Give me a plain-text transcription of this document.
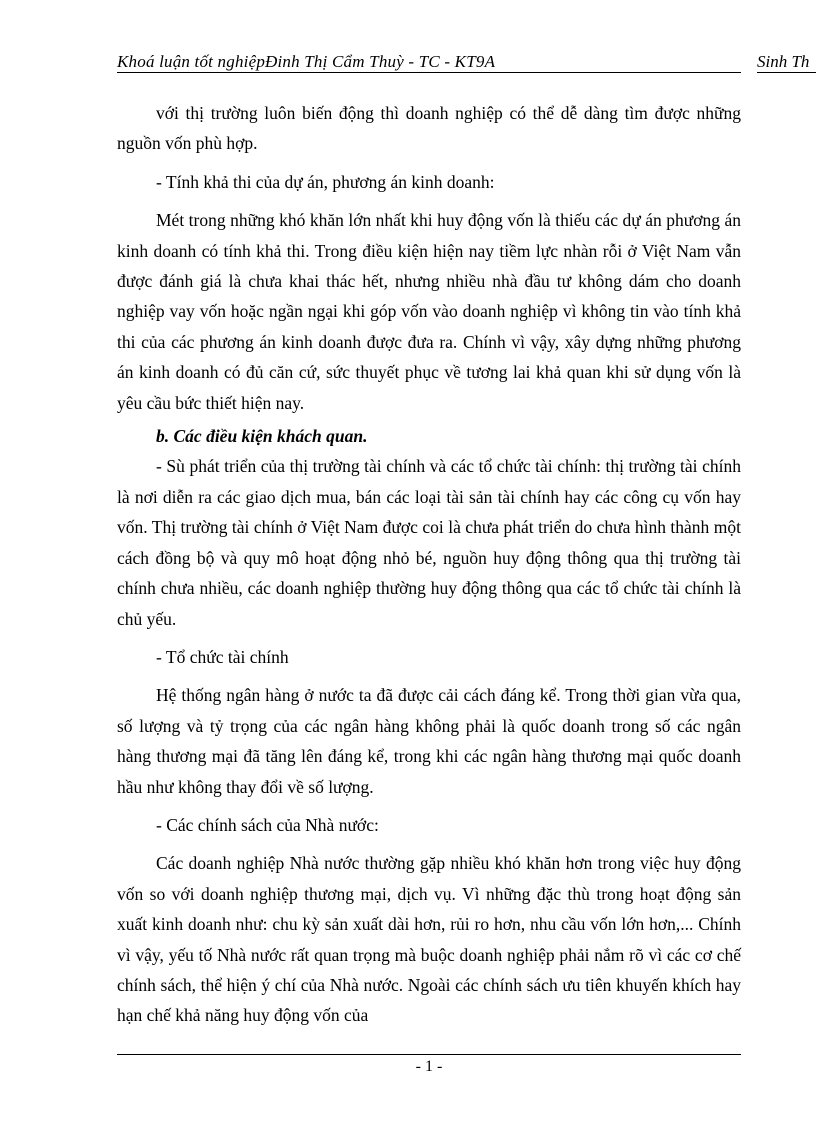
Khoá luận tốt nghiệpĐinh Thị Cẩm Thuỳ - TC - KT9A	Sinh Th

với thị trường luôn biến động thì doanh nghiệp có thể dễ dàng tìm được những nguồn vốn phù hợp.

- Tính khả thi của dự án, phương án kinh doanh:

Mét trong những khó khăn lớn nhất khi huy động vốn là thiếu các dự án phương án kinh doanh có tính khả thi. Trong điều kiện hiện nay tiềm lực nhàn rỗi ở Việt Nam vẫn được đánh giá là chưa khai thác hết, nhưng nhiều nhà đầu tư không dám cho doanh nghiệp vay vốn hoặc ngần ngại khi góp vốn vào doanh nghiệp vì không tin vào tính khả thi của các phương án kinh doanh được đưa ra. Chính vì vậy, xây dựng những phương án kinh doanh có đủ căn cứ, sức thuyết phục về tương lai khả quan khi sử dụng vốn là yêu cầu bức thiết hiện nay.

b. Các điều kiện khách quan.

- Sù phát triển của thị trường tài chính và các tổ chức tài chính: thị trường tài chính là nơi diễn ra các giao dịch mua, bán các loại tài sản tài chính hay các công cụ vốn hay vốn. Thị trường tài chính ở Việt Nam được coi là chưa phát triển do chưa hình thành một cách đồng bộ và quy mô hoạt động nhỏ bé, nguồn huy động thông qua thị trường tài chính chưa nhiều, các doanh nghiệp thường huy động thông qua các tổ chức tài chính là chủ yếu.

- Tổ chức tài chính

Hệ thống ngân hàng ở nước ta đã được cải cách đáng kể. Trong thời gian vừa qua, số lượng và tỷ trọng của các ngân hàng không phải là quốc doanh trong số các ngân hàng thương mại đã tăng lên đáng kể, trong khi các ngân hàng thương mại quốc doanh hầu như không thay đổi về số lượng.

- Các chính sách của Nhà nước:

Các doanh nghiệp Nhà nước thường gặp nhiều khó khăn hơn trong việc huy động vốn so với doanh nghiệp thương mại, dịch vụ. Vì những đặc thù trong hoạt động sản xuất kinh doanh như: chu kỳ sản xuất dài hơn, rủi ro hơn, nhu cầu vốn lớn hơn,... Chính vì vậy, yếu tố Nhà nước rất quan trọng mà buộc doanh nghiệp phải nắm rõ vì các cơ chế chính sách, thể hiện ý chí của Nhà nước. Ngoài các chính sách ưu tiên khuyến khích hay hạn chế khả năng huy động vốn của

- 1 -
